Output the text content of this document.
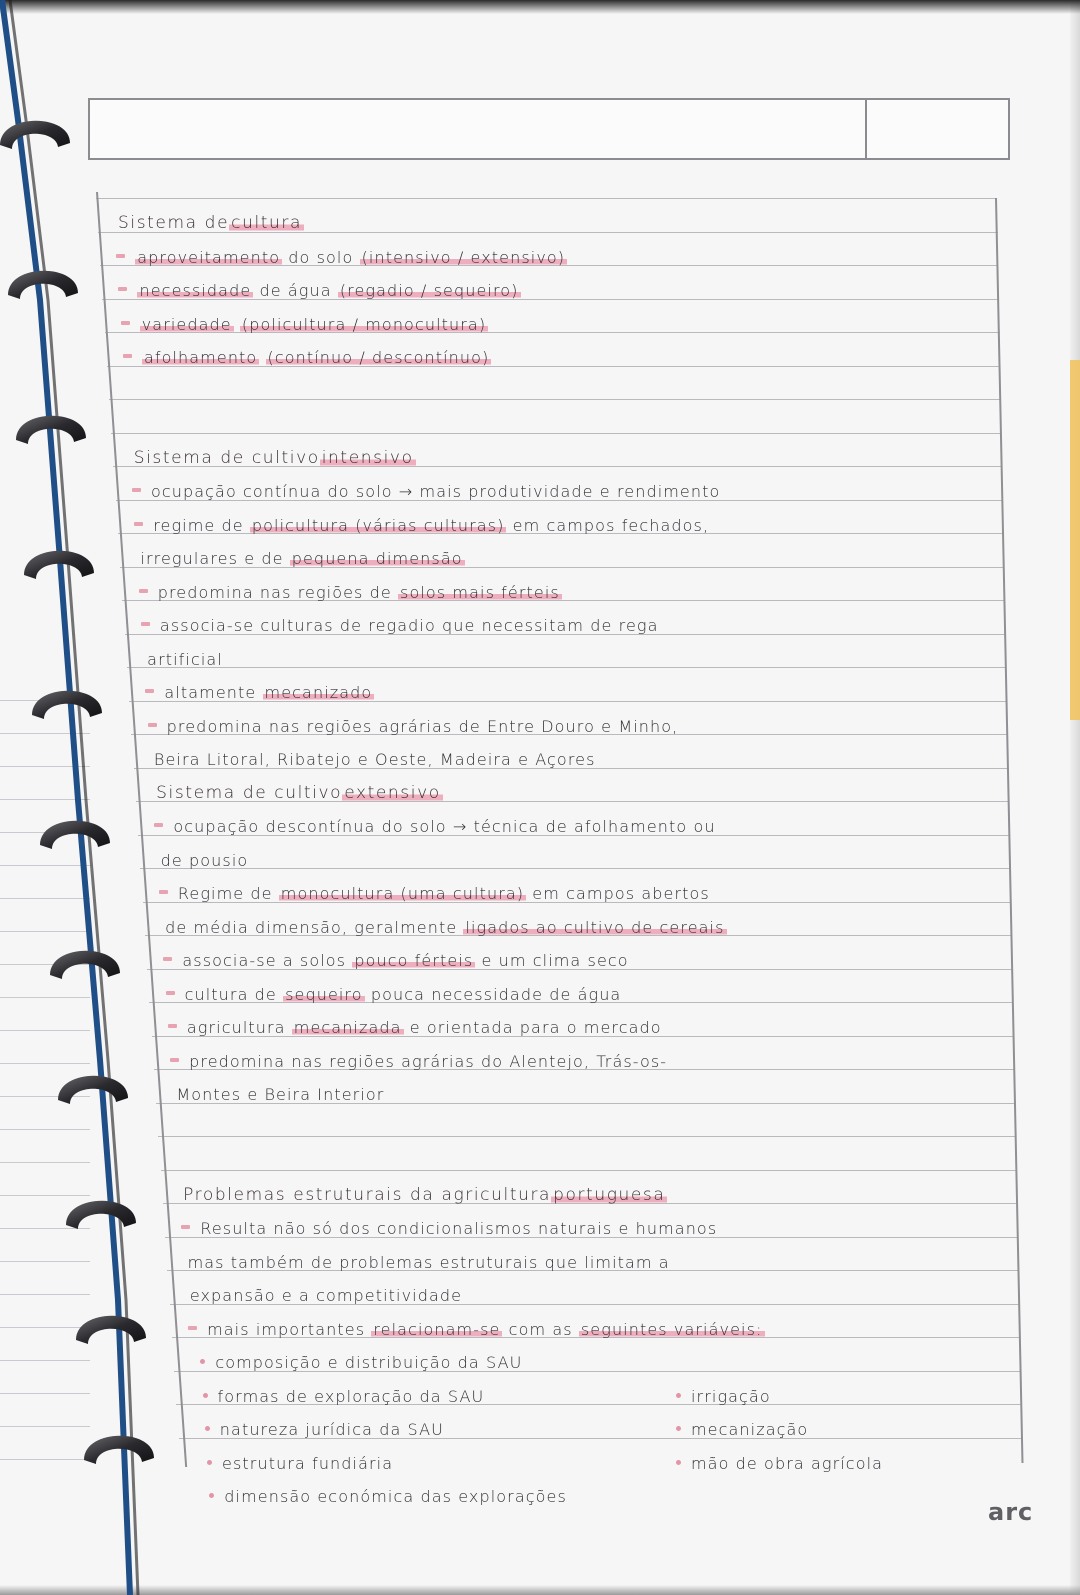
Sistema de cultura
aproveitamento do solo (intensivo / extensivo)
necessidade de água (regadio / sequeiro)
variedade (policultura / monocultura)
afolhamento (contínuo / descontínuo)
Sistema de cultivo intensivo
ocupação contínua do solo → mais produtividade e rendimento
regime de policultura (várias culturas) em campos fechados,
irregulares e de pequena dimensão
predomina nas regiões de solos mais férteis
associa-se culturas de regadio que necessitam de rega
artificial
altamente mecanizado
predomina nas regiões agrárias de Entre Douro e Minho,
Beira Litoral, Ribatejo e Oeste, Madeira e Açores
Sistema de cultivo extensivo
ocupação descontínua do solo → técnica de afolhamento ou
de pousio
Regime de monocultura (uma cultura) em campos abertos
de média dimensão, geralmente ligados ao cultivo de cereais
associa-se a solos pouco férteis e um clima seco
cultura de sequeiro pouca necessidade de água
agricultura mecanizada e orientada para o mercado
predomina nas regiões agrárias do Alentejo, Trás-os-
Montes e Beira Interior
Problemas estruturais da agricultura portuguesa
Resulta não só dos condicionalismos naturais e humanos
mas também de problemas estruturais que limitam a
expansão e a competitividade
mais importantes relacionam-se com as seguintes variáveis:
composição e distribuição da SAU
formas de exploração da SAU	irrigação
natureza jurídica da SAU	mecanização
estrutura fundiária	mão de obra agrícola
dimensão económica das explorações
arc
